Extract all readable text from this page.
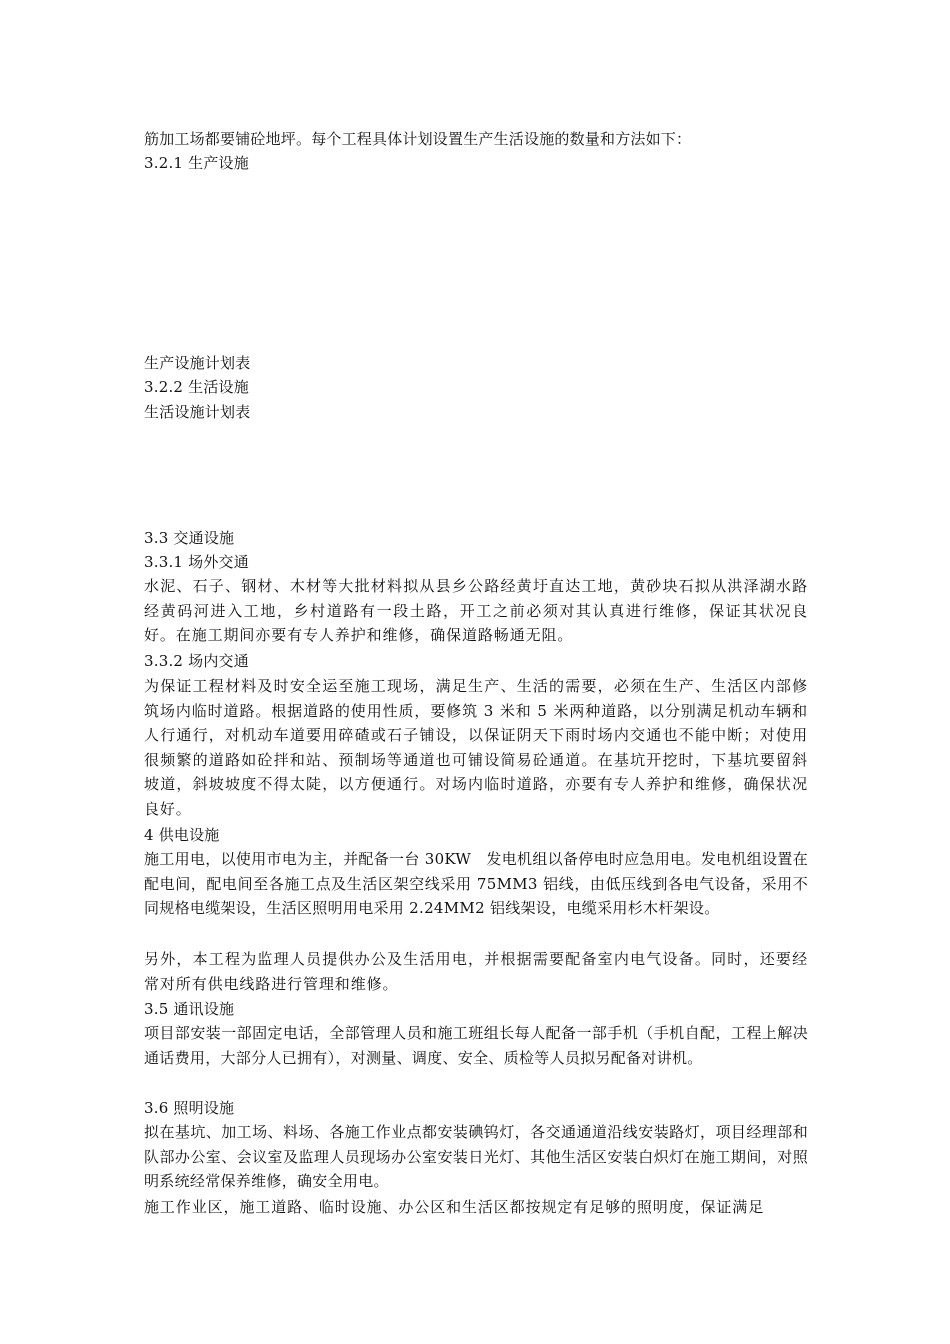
筋加工场都要铺砼地坪。每个工程具体计划设置生产生活设施的数量和方法如下：
3.2.1 生产设施
生产设施计划表
3.2.2 生活设施
生活设施计划表
3.3 交通设施
3.3.1 场外交通
水泥、石子、钢材、木材等大批材料拟从县乡公路经黄圩直达工地，黄砂块石拟从洪泽湖水路经黄码河进入工地，乡村道路有一段土路，开工之前必须对其认真进行维修，保证其状况良好。在施工期间亦要有专人养护和维修，确保道路畅通无阻。
3.3.2 场内交通
为保证工程材料及时安全运至施工现场，满足生产、生活的需要，必须在生产、生活区内部修筑场内临时道路。根据道路的使用性质，要修筑 3 米和 5 米两种道路，以分别满足机动车辆和人行通行，对机动车道要用碎碴或石子铺设，以保证阴天下雨时场内交通也不能中断；对使用很频繁的道路如砼拌和站、预制场等通道也可铺设简易砼通道。在基坑开挖时，下基坑要留斜坡道，斜坡坡度不得太陡，以方便通行。对场内临时道路，亦要有专人养护和维修，确保状况良好。
4 供电设施
施工用电，以使用市电为主，并配备一台 30KW　发电机组以备停电时应急用电。发电机组设置在配电间，配电间至各施工点及生活区架空线采用 75MM3 铝线，由低压线到各电气设备，采用不同规格电缆架设，生活区照明用电采用 2.24MM2 铝线架设，电缆采用杉木杆架设。
另外，本工程为监理人员提供办公及生活用电，并根据需要配备室内电气设备。同时，还要经常对所有供电线路进行管理和维修。
3.5 通讯设施
项目部安装一部固定电话，全部管理人员和施工班组长每人配备一部手机（手机自配，工程上解决通话费用，大部分人已拥有），对测量、调度、安全、质检等人员拟另配备对讲机。
3.6 照明设施
拟在基坑、加工场、料场、各施工作业点都安装碘钨灯，各交通通道沿线安装路灯，项目经理部和队部办公室、会议室及监理人员现场办公室安装日光灯、其他生活区安装白炽灯在施工期间，对照明系统经常保养维修，确安全用电。
施工作业区，施工道路、临时设施、办公区和生活区都按规定有足够的照明度，保证满足
